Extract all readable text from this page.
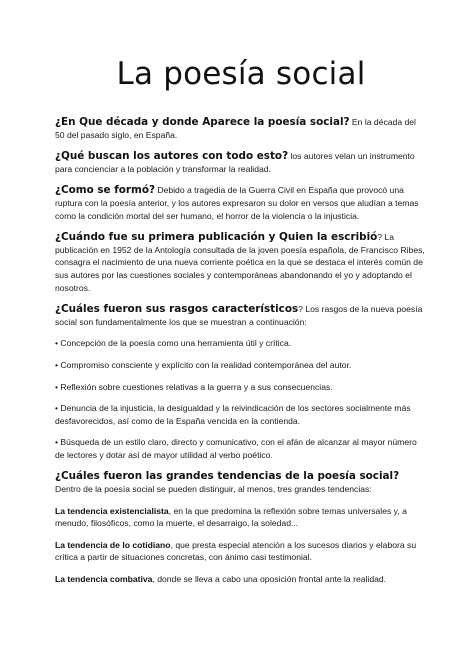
La poesía social

¿En Que década y donde Aparece la poesía social? En la década del 50 del pasado siglo, en España.

¿Qué buscan los autores con todo esto? los autores velan un instrumento para concienciar a la población y transformar la realidad.

¿Como se formó? Debido a tragedia de la Guerra Civil en España que provocó una ruptura con la poesía anterior, y los autores expresaron su dolor en versos que aludían a temas como la condición mortal del ser humano, el horror de la violencia o la injusticia.

¿Cuándo fue su primera publicación y Quien la escribió? La publicación en 1952 de la Antología consultada de la joven poesía española, de Francisco Ribes, consagra el nacimiento de una nueva corriente poética en la que se destaca el interés común de sus autores por las cuestiones sociales y contemporáneas abandonando el yo y adoptando el nosotros.

¿Cuáles fueron sus rasgos característicos? Los rasgos de la nueva poesía social son fundamentalmente los que se muestran a continuación:

• Concepción de la poesía como una herramienta útil y crítica.

• Compromiso consciente y explícito con la realidad contemporánea del autor.

• Reflexión sobre cuestiones relativas a la guerra y a sus consecuencias.

• Denuncia de la injusticia, la desigualdad y la reivindicación de los sectores socialmente más desfavorecidos, así como de la España vencida en la contienda.

• Búsqueda de un estilo claro, directo y comunicativo, con el afán de alcanzar al mayor número de lectores y dotar así de mayor utilidad al verbo poético.

¿Cuáles fueron las grandes tendencias de la poesía social? Dentro de la poesía social se pueden distinguir, al menos, tres grandes tendencias:

La tendencia existencialista, en la que predomina la reflexión sobre temas universales y, a menudo, filosóficos, como la muerte, el desarraigo, la soledad...

La tendencia de lo cotidiano, que presta especial atención a los sucesos diarios y elabora su crítica a partir de situaciones concretas, con ánimo casi testimonial.

La tendencia combativa, donde se lleva a cabo una oposición frontal ante la realidad.
